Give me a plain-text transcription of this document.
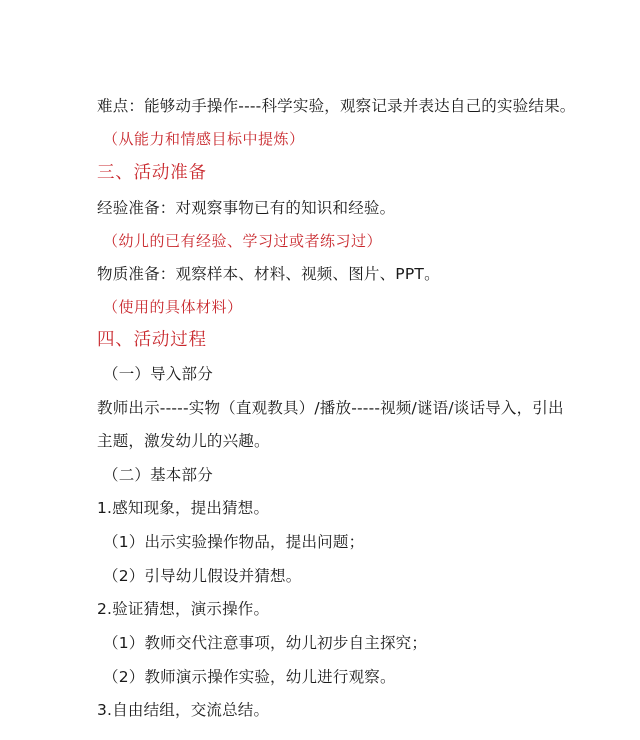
难点：能够动手操作----科学实验，观察记录并表达自己的实验结果。
（从能力和情感目标中提炼）
三、活动准备
经验准备：对观察事物已有的知识和经验。
（幼儿的已有经验、学习过或者练习过）
物质准备：观察样本、材料、视频、图片、PPT。
（使用的具体材料）
四、活动过程
（一）导入部分
教师出示-----实物（直观教具）/播放-----视频/谜语/谈话导入，引出
主题，激发幼儿的兴趣。
（二）基本部分
1.感知现象，提出猜想。
（1）出示实验操作物品，提出问题；
（2）引导幼儿假设并猜想。
2.验证猜想，演示操作。
（1）教师交代注意事项，幼儿初步自主探究；
（2）教师演示操作实验，幼儿进行观察。
3.自由结组，交流总结。
